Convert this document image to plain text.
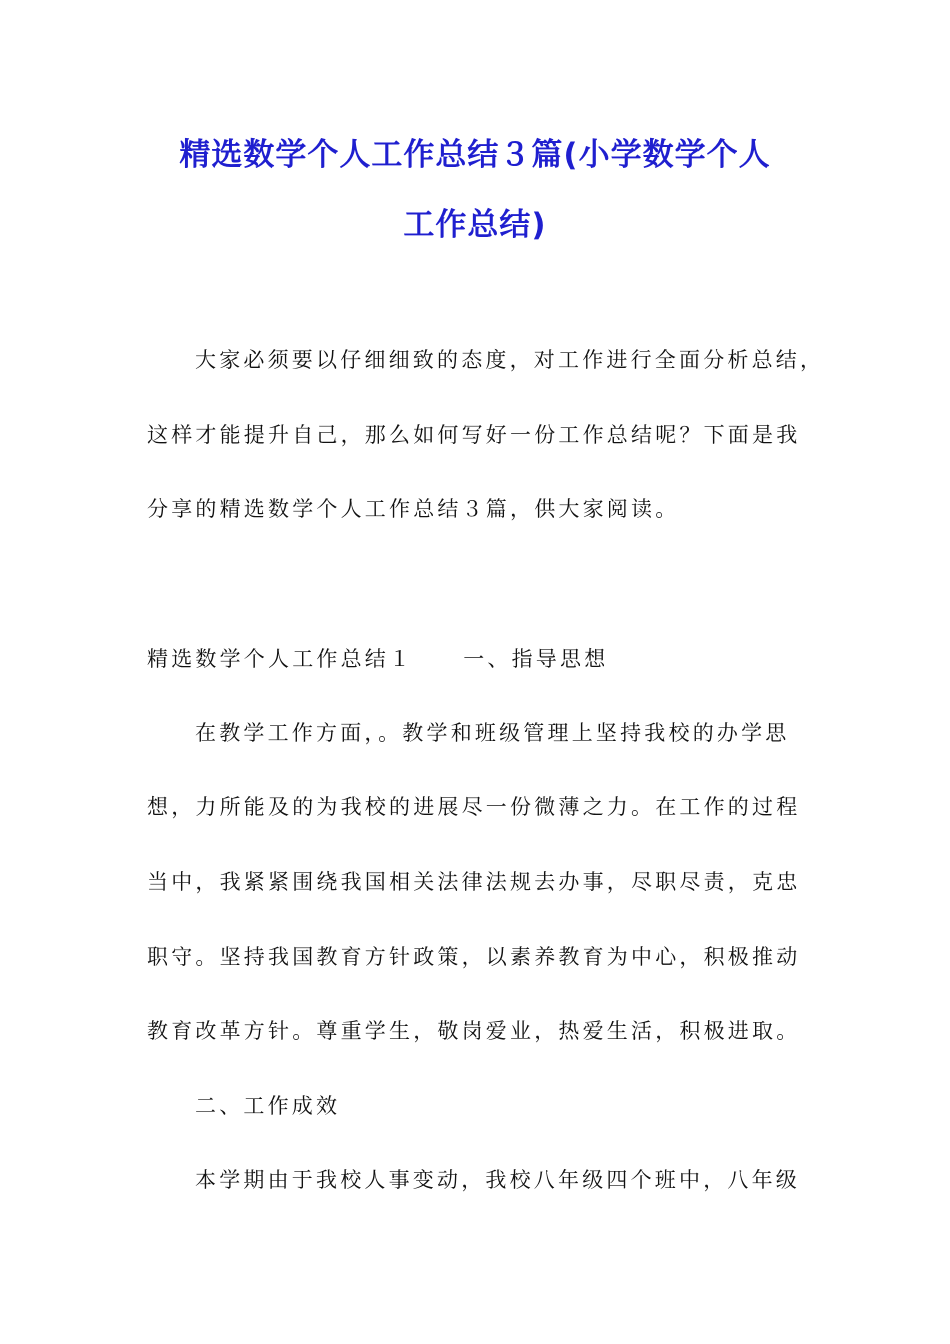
精选数学个人工作总结３篇(小学数学个人
工作总结)
大家必须要以仔细细致的态度，对工作进行全面分析总结，
这样才能提升自己，那么如何写好一份工作总结呢？下面是我
分享的精选数学个人工作总结３篇，供大家阅读。
精选数学个人工作总结１ 一、指导思想
在教学工作方面，。教学和班级管理上坚持我校的办学思
想，力所能及的为我校的进展尽一份微薄之力。在工作的过程
当中，我紧紧围绕我国相关法律法规去办事，尽职尽责，克忠
职守。坚持我国教育方针政策，以素养教育为中心，积极推动
教育改革方针。尊重学生，敬岗爱业，热爱生活，积极进取。
二、工作成效
本学期由于我校人事变动，我校八年级四个班中，八年级
